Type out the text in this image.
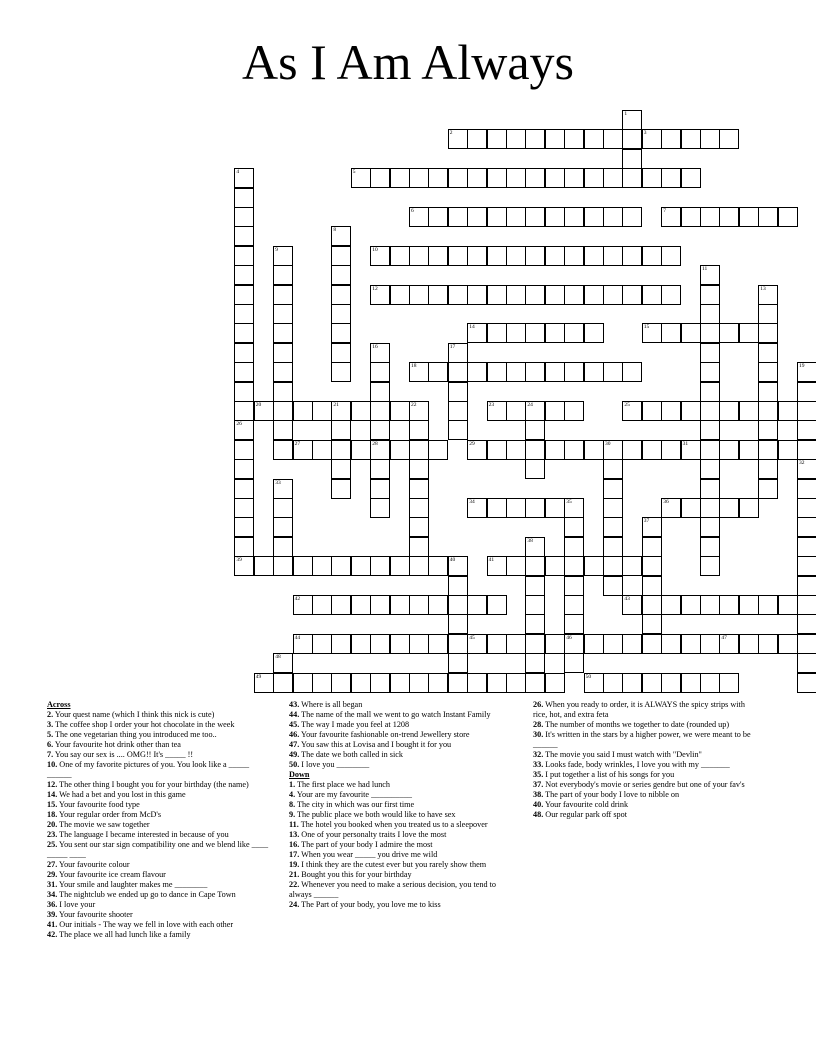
As I Am Always
1
2	3
4
26
5
6	7
8
9	10
11
12	13
14	15
16
28
17
18	19
32
20	21	22	23	24	25
27	29	30	31
33
34	35
46
36
37
38
39	40	41
42	43
44	45	47
48
49	50
Across
2. Your quest name (which I think this nick is cute)
3. The coffee shop I order your hot chocolate in the week
5. The one vegetarian thing you introduced me too..
6. Your favourite hot drink other than tea
7. You say our sex is .... OMG!! It's _____ !!
10. One of my favorite pictures of you. You look like a _____ ______
12. The other thing I bought you for your birthday (the name)
14. We had a bet and you lost in this game
15. Your favourite food type
18. Your regular order from McD's
20. The movie we saw together
23. The language I became interested in because of you
25. You sent our star sign compatibility one and we blend like ____ _____ ____
27. Your favourite colour
29. Your favourite ice cream flavour
31. Your smile and laughter makes me ________
34. The nightclub we ended up go to dance in Cape Town
36. I love your
39. Your favourite shooter
41. Our initials - The way we fell in love with each other
42. The place we all had lunch like a family
43. Where is all began
44. The name of the mall we went to go watch Instant Family
45. The way I made you feel at 1208
46. Your favourite fashionable on-trend Jewellery store
47. You saw this at Lovisa and I bought it for you
49. The date we both called in sick
50. I love you ________
Down
1. The first place we had lunch
4. Your are my favourite __________
8. The city in which was our first time
9. The public place we both would like to have sex
11. The hotel you booked when you treated us to a sleepover
13. One of your personalty traits I love the most
16. The part of your body I admire the most
17. When you wear _____ you drive me wild
19. I think they are the cutest ever but you rarely show them
21. Bought you this for your birthday
22. Whenever you need to make a serious decision, you tend to always ______
24. The Part of your body, you love me to kiss
26. When you ready to order, it is ALWAYS the spicy strips with rice, hot, and extra feta
28. The number of months we together to date (rounded up)
30. It's written in the stars by a higher power, we were meant to be ______
32. The movie you said I must watch with "Devlin"
33. Looks fade, body wrinkles, I love you with my _______
35. I put together a list of his songs for you
37. Not everybody's movie or series gendre but one of your fav's
38. The part of your body I love to nibble on
40. Your favourite cold drink
48. Our regular park off spot
